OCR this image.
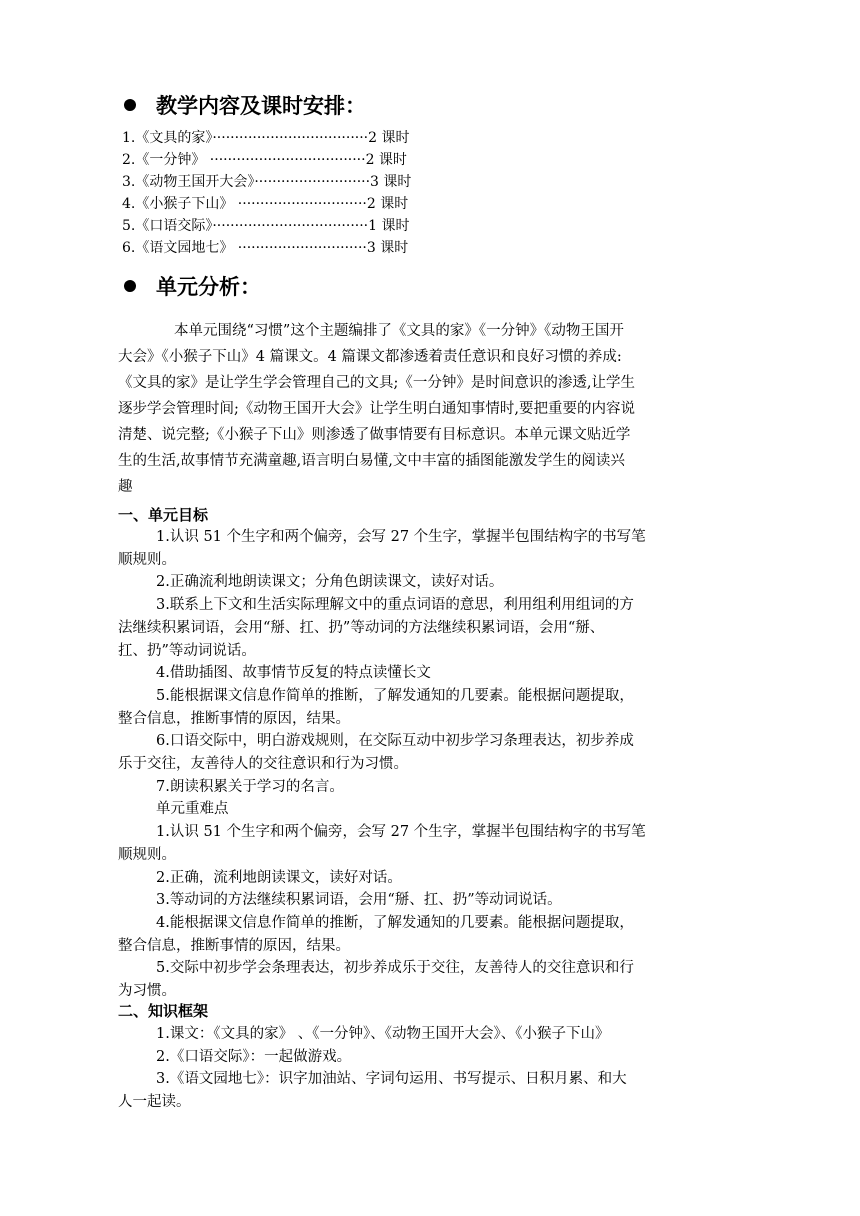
教学内容及课时安排：
1.《文具的家》···································2 课时
2.《一分钟》 ···································2 课时
3.《动物王国开大会》··························3 课时
4.《小猴子下山》 ·····························2 课时
5.《口语交际》···································1 课时
6.《语文园地七》 ·····························3 课时
单元分析：
本单元围绕“习惯”这个主题编排了《文具的家》《一分钟》《动物王国开
大会》《小猴子下山》4 篇课文。4 篇课文都渗透着责任意识和良好习惯的养成:
《文具的家》是让学生学会管理自己的文具;《一分钟》是时间意识的渗透,让学生
逐步学会管理时间;《动物王国开大会》让学生明白通知事情时,要把重要的内容说
清楚、说完整;《小猴子下山》则渗透了做事情要有目标意识。本单元课文贴近学
生的生活,故事情节充满童趣,语言明白易懂,文中丰富的插图能激发学生的阅读兴
趣
一、单元目标
1.认识 51 个生字和两个偏旁，会写 27 个生字，掌握半包围结构字的书写笔
顺规则。
2.正确流利地朗读课文；分角色朗读课文，读好对话。
3.联系上下文和生活实际理解文中的重点词语的意思，利用组利用组词的方
法继续积累词语，会用“掰、扛、扔”等动词的方法继续积累词语，会用“掰、
扛、扔”等动词说话。
4.借助插图、故事情节反复的特点读懂长文
5.能根据课文信息作简单的推断，了解发通知的几要素。能根据问题提取，
整合信息，推断事情的原因，结果。
6.口语交际中，明白游戏规则，在交际互动中初步学习条理表达，初步养成
乐于交往，友善待人的交往意识和行为习惯。
7.朗读积累关于学习的名言。
单元重难点
1.认识 51 个生字和两个偏旁，会写 27 个生字，掌握半包围结构字的书写笔
顺规则。
2.正确，流利地朗读课文，读好对话。
3.等动词的方法继续积累词语，会用“掰、扛、扔”等动词说话。
4.能根据课文信息作简单的推断，了解发通知的几要素。能根据问题提取，
整合信息，推断事情的原因，结果。
5.交际中初步学会条理表达，初步养成乐于交往，友善待人的交往意识和行
为习惯。
二、知识框架
1.课文：《文具的家》 、《一分钟》、《动物王国开大会》、《小猴子下山》
2.《口语交际》：一起做游戏。
3.《语文园地七》：识字加油站、字词句运用、书写提示、日积月累、和大
人一起读。
